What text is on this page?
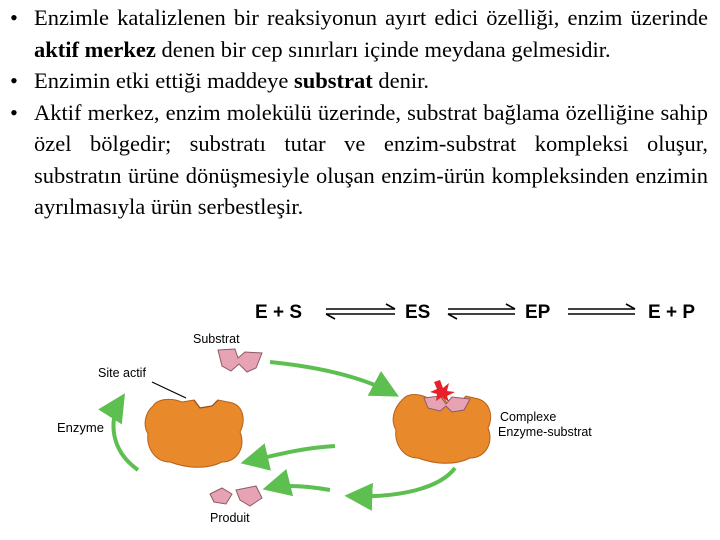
• Enzimle katalizlenen bir reaksiyonun ayırt edici özelliği, enzim üzerinde aktif merkez denen bir cep sınırları içinde meydana gelmesidir.
• Enzimin etki ettiği maddeye substrat denir.
• Aktif merkez, enzim molekülü üzerinde, substrat bağlama özelliğine sahip özel bölgedir; substratı tutar ve enzim-substrat kompleksi oluşur, substratın ürüne dönüşmesiyle oluşan enzim-ürün kompleksinden enzimin ayrılmasıyla ürün serbestleşir.
E + S	ES	EP	E + P
Substrat
Site actif
Enzyme
Complexe
Enzyme-substrat
Produit
